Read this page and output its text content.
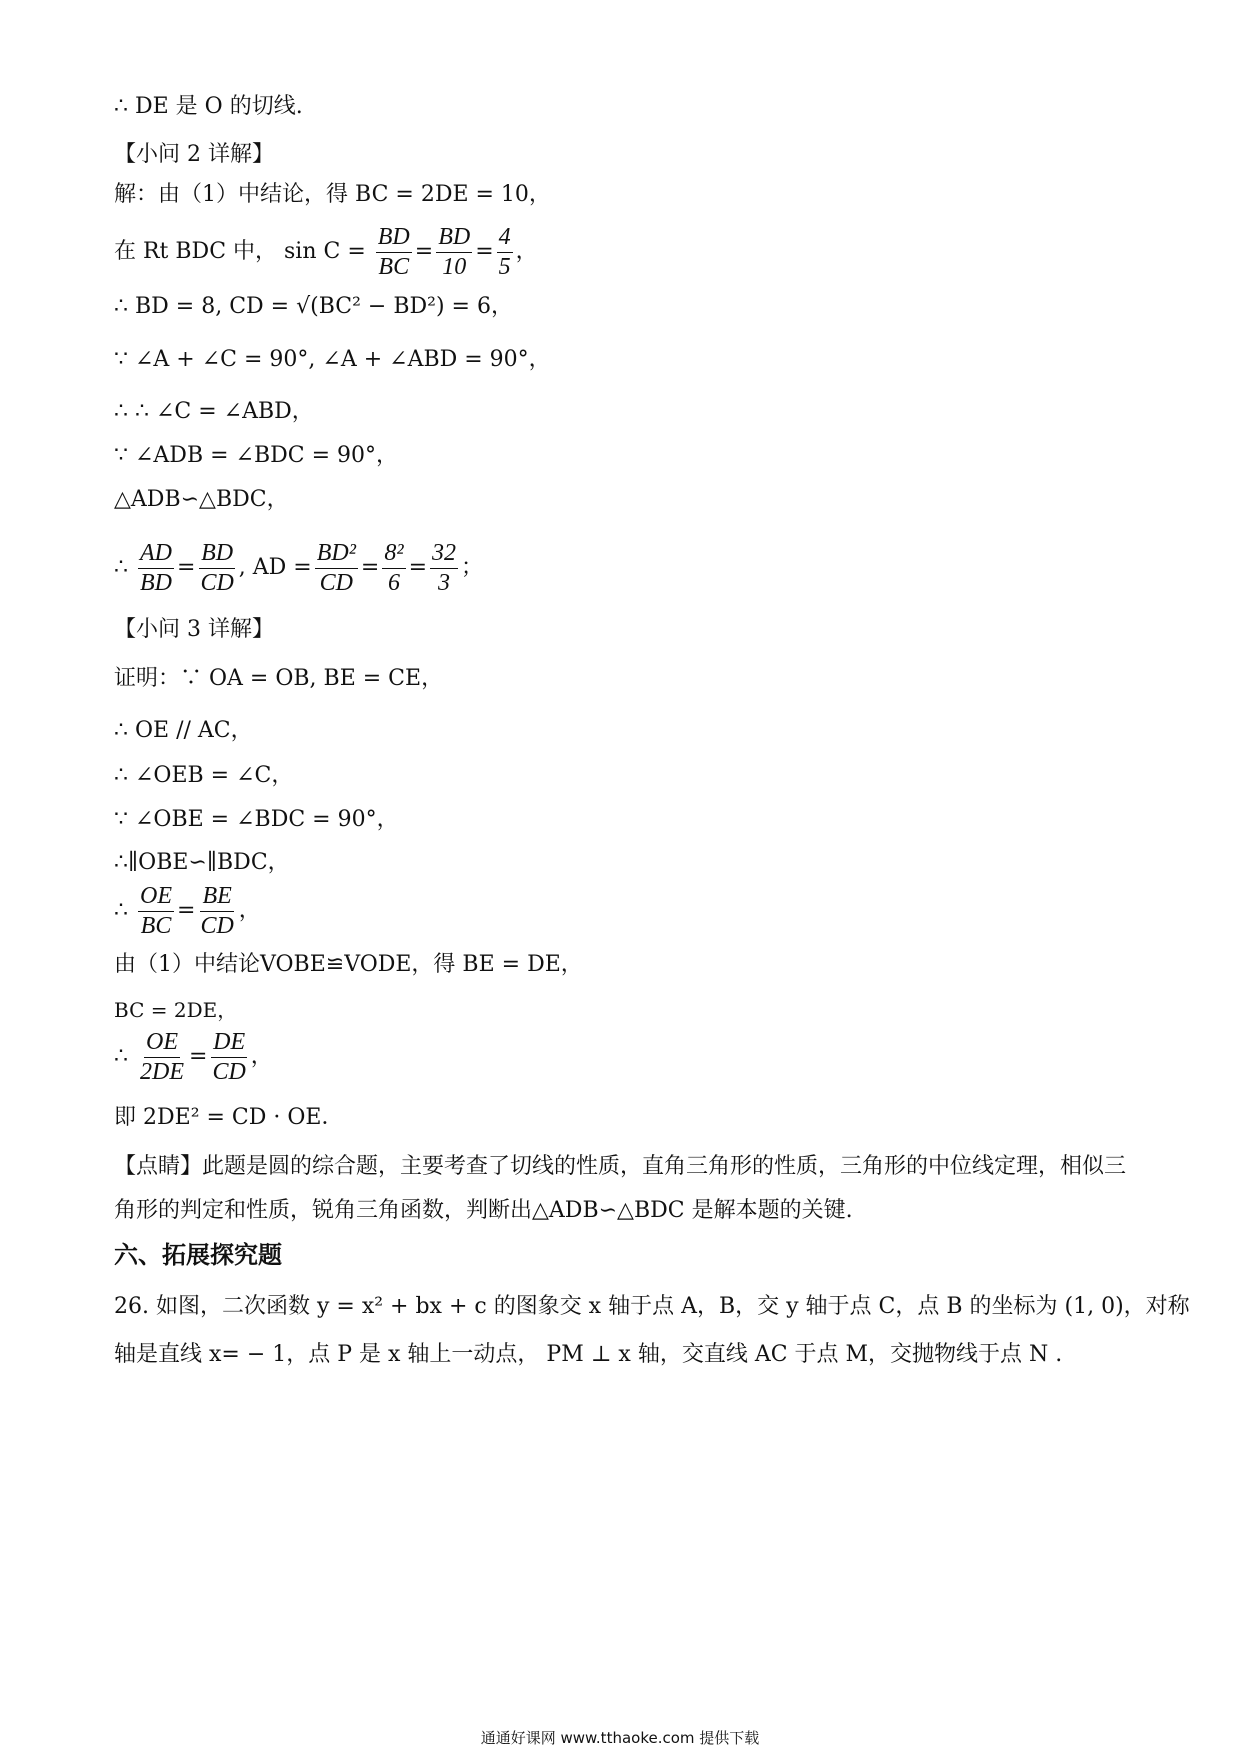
∴ DE 是 O 的切线.
【小问 2 详解】
解：由（1）中结论，得 BC = 2DE = 10，
在 Rt BDC 中， $\sin C = \frac{BD}{BC} = \frac{BD}{10} = \frac{4}{5}$ ，
∴ BD = 8, CD = √(BC² − BD²) = 6，
∵ ∠A + ∠C = 90°, ∠A + ∠ABD = 90°，
∴ ∴ ∠C = ∠ABD，
∵ ∠ADB = ∠BDC = 90°，
△ADB∽△BDC，
∴ $\frac{AD}{BD} = \frac{BD}{CD}$ , AD = $\frac{\text{BD²}}{CD} = \frac{\text{8²}}{6} = \frac{32}{3}$ ；
【小问 3 详解】
证明：∵ OA = OB, BE = CE，
∴ OE // AC，
∴ ∠OEB = ∠C，
∵ ∠OBE = ∠BDC = 90°，
∴∥OBE∽∥BDC，
∴ $\frac{OE}{BC} = \frac{BE}{CD}$ ，
由（1）中结论VOBE≌VODE，得 BE = DE，
BC = 2DE，
∴ $\frac{OE}{2DE} = \frac{DE}{CD}$ ，
即 2DE² = CD · OE．
【点睛】此题是圆的综合题，主要考查了切线的性质，直角三角形的性质，三角形的中位线定理，相似三
角形的判定和性质，锐角三角函数，判断出△ADB∽△BDC 是解本题的关键.
六、拓展探究题
26. 如图，二次函数 y = x² + bx + c 的图象交 x 轴于点 A，B，交 y 轴于点 C，点 B 的坐标为 (1, 0)，对称
轴是直线 x= − 1，点 P 是 x 轴上一动点， PM ⊥ x 轴，交直线 AC 于点 M，交抛物线于点 N .
通通好课网 www.tthaoke.com 提供下载
